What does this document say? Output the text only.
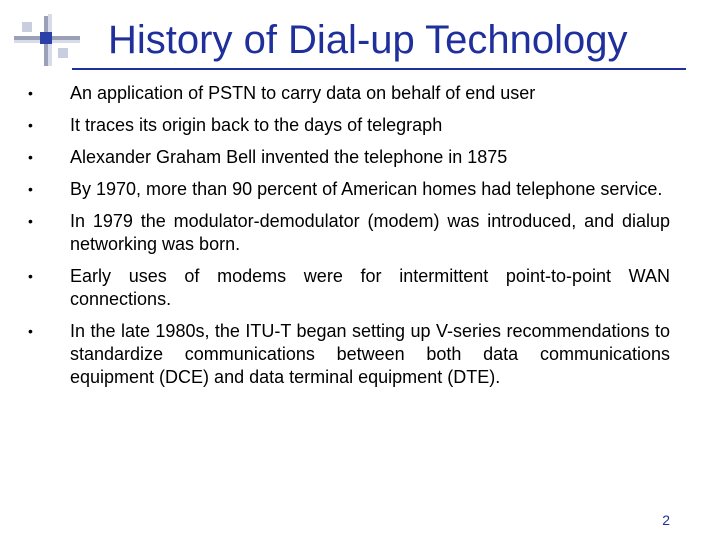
History of Dial-up Technology
• An application of PSTN to carry data on behalf of end user
• It traces its origin back to the days of telegraph
• Alexander Graham Bell invented the telephone in 1875
• By 1970, more than 90 percent of American homes had telephone service.
• In 1979 the modulator-demodulator (modem) was introduced, and dialup networking was born.
• Early uses of modems were for intermittent point-to-point WAN connections.
• In the late 1980s, the ITU-T began setting up V-series recommendations to standardize communications between both data communications equipment (DCE) and data terminal equipment (DTE).
2
